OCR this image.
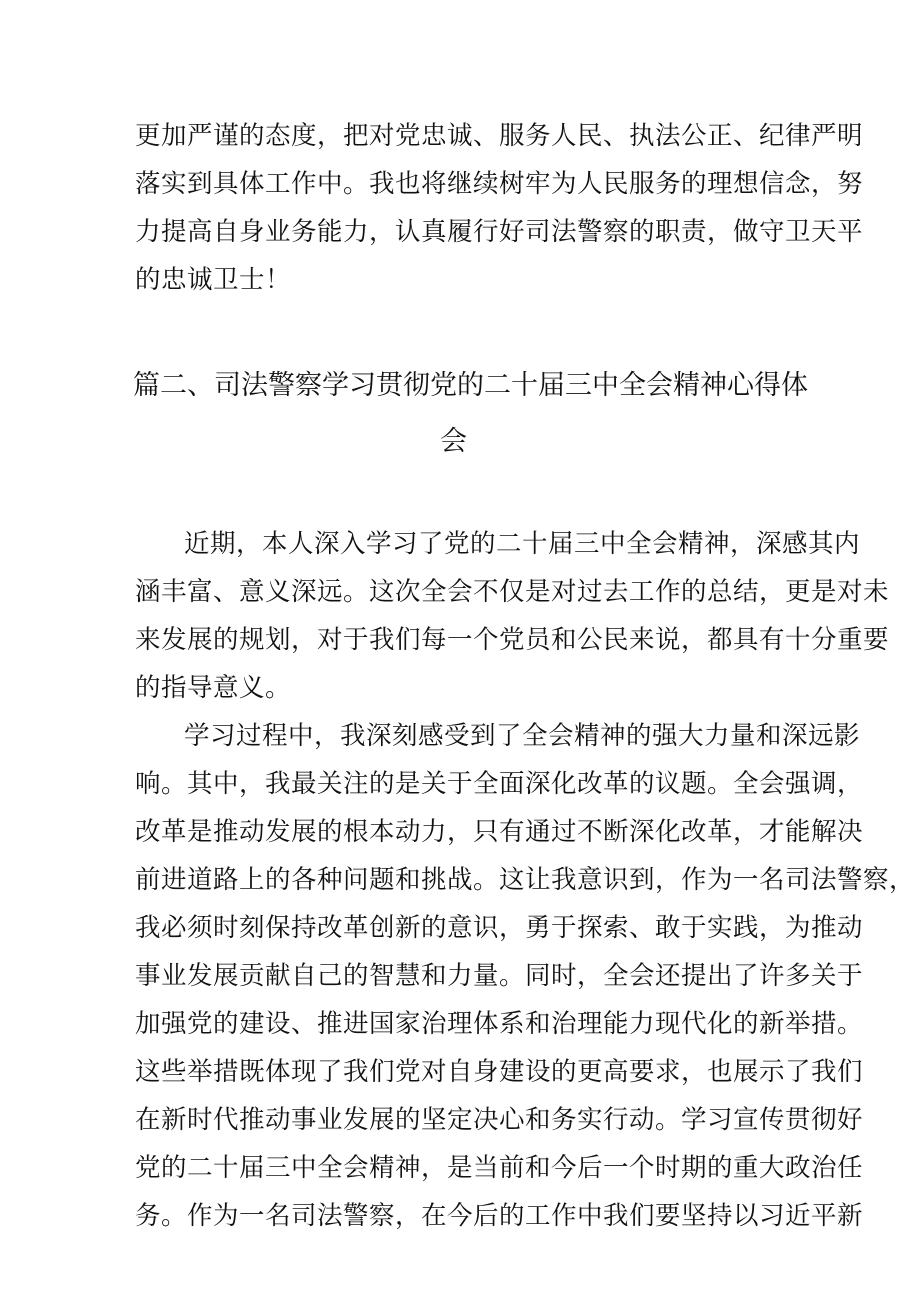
更加严谨的态度，把对党忠诚、服务人民、执法公正、纪律严明
落实到具体工作中。我也将继续树牢为人民服务的理想信念，努
力提高自身业务能力，认真履行好司法警察的职责，做守卫天平
的忠诚卫士！
篇二、司法警察学习贯彻党的二十届三中全会精神心得体
会
近期，本人深入学习了党的二十届三中全会精神，深感其内
涵丰富、意义深远。这次全会不仅是对过去工作的总结，更是对未
来发展的规划，对于我们每一个党员和公民来说，都具有十分重要
的指导意义。
学习过程中，我深刻感受到了全会精神的强大力量和深远影
响。其中，我最关注的是关于全面深化改革的议题。全会强调，
改革是推动发展的根本动力，只有通过不断深化改革，才能解决
前进道路上的各种问题和挑战。这让我意识到，作为一名司法警察，
我必须时刻保持改革创新的意识，勇于探索、敢于实践，为推动
事业发展贡献自己的智慧和力量。同时，全会还提出了许多关于
加强党的建设、推进国家治理体系和治理能力现代化的新举措。
这些举措既体现了我们党对自身建设的更高要求，也展示了我们
在新时代推动事业发展的坚定决心和务实行动。学习宣传贯彻好
党的二十届三中全会精神，是当前和今后一个时期的重大政治任
务。作为一名司法警察，在今后的工作中我们要坚持以习近平新
